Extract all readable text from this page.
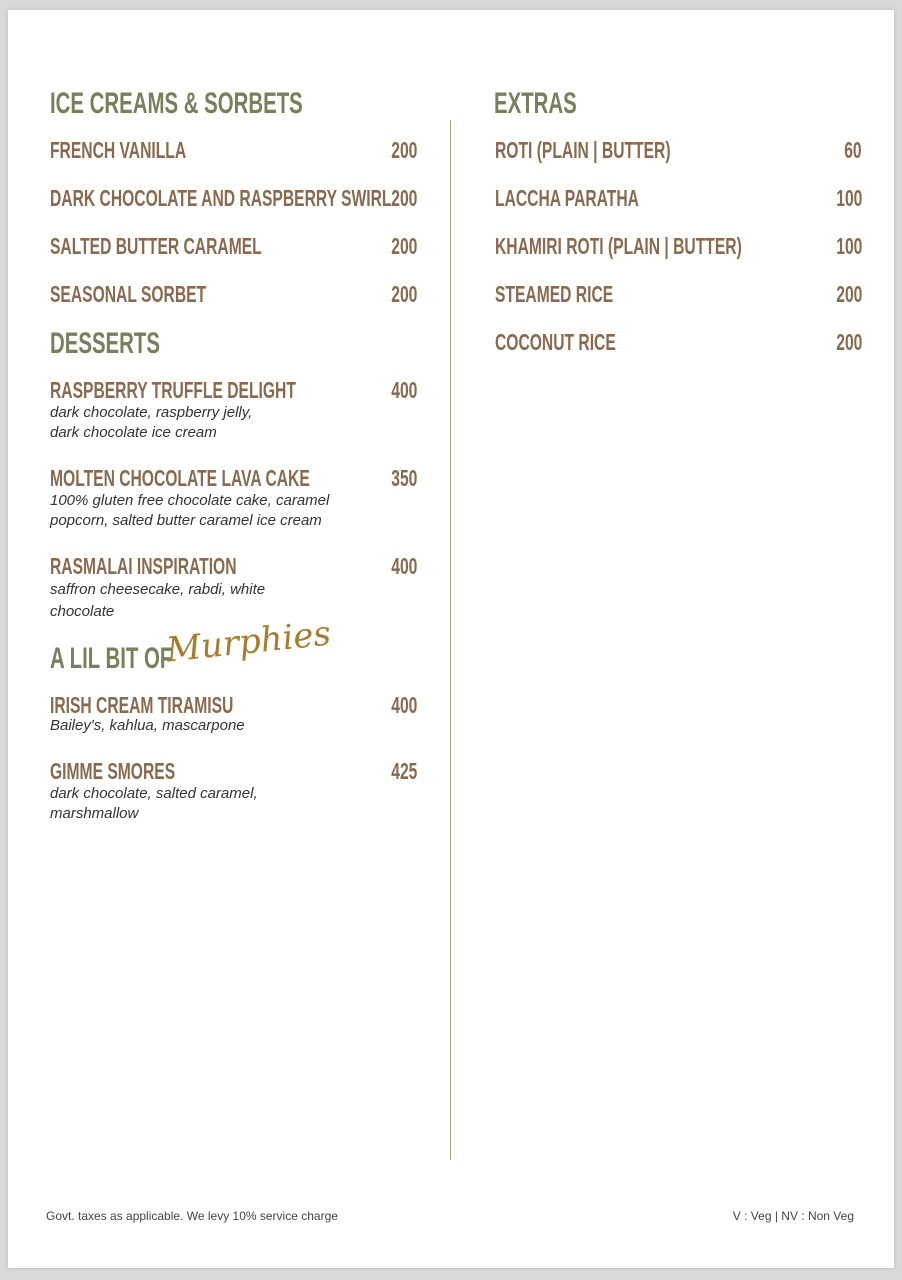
ICE CREAMS & SORBETS
FRENCH VANILLA	200
DARK CHOCOLATE AND RASPBERRY SWIRL 200
SALTED BUTTER CARAMEL	200
SEASONAL SORBET	200
DESSERTS
RASPBERRY TRUFFLE DELIGHT	400
dark chocolate, raspberry jelly,
dark chocolate ice cream
MOLTEN CHOCOLATE LAVA CAKE	350
100% gluten free chocolate cake, caramel
popcorn, salted butter caramel ice cream
RASMALAI INSPIRATION	400
saffron cheesecake, rabdi, white
chocolate
A LIL BIT OF
Murphies
IRISH CREAM TIRAMISU	400
Bailey's, kahlua, mascarpone
GIMME SMORES	425
dark chocolate, salted caramel,
marshmallow
EXTRAS
ROTI (PLAIN | BUTTER)	60
LACCHA PARATHA	100
KHAMIRI ROTI (PLAIN | BUTTER)	100
STEAMED RICE	200
COCONUT RICE	200
Govt. taxes as applicable. We levy 10% service charge	V : Veg | NV : Non Veg
